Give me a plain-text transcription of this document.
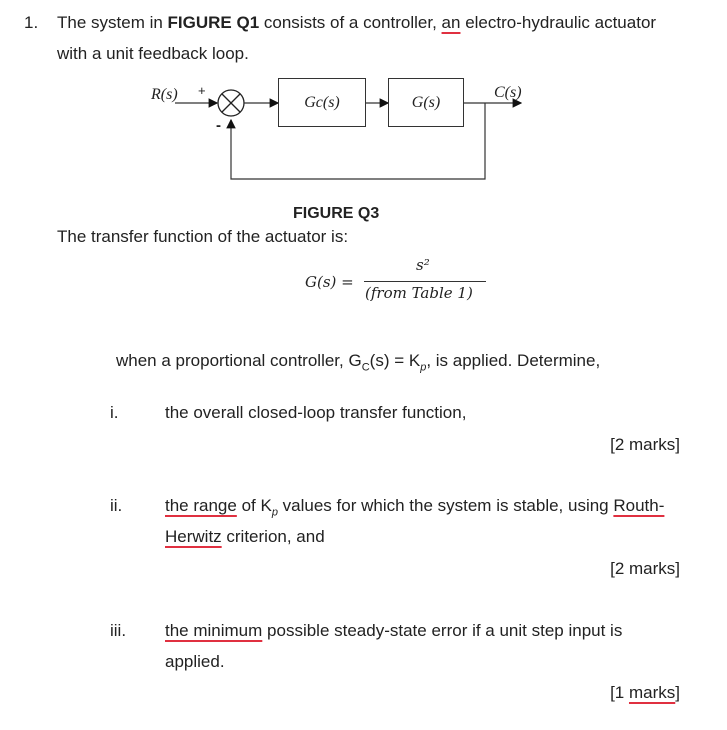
1. The system in FIGURE Q1 consists of a controller, an electro-hydraulic actuator
with a unit feedback loop.
R(s) +
-
Gc(s)	G(s)
C(s)
FIGURE Q3
The transfer function of the actuator is:
G(s) =
s²
(from Table 1)
when a proportional controller, $G_C(s) = K_p$, is applied. Determine,
i.	the overall closed-loop transfer function,
[2 marks]
ii.	the range of $K_p$ values for which the system is stable, using Routh-
Herwitz criterion, and
[2 marks]
iii. the minimum possible steady-state error if a unit step input is
applied.
[1 marks]
